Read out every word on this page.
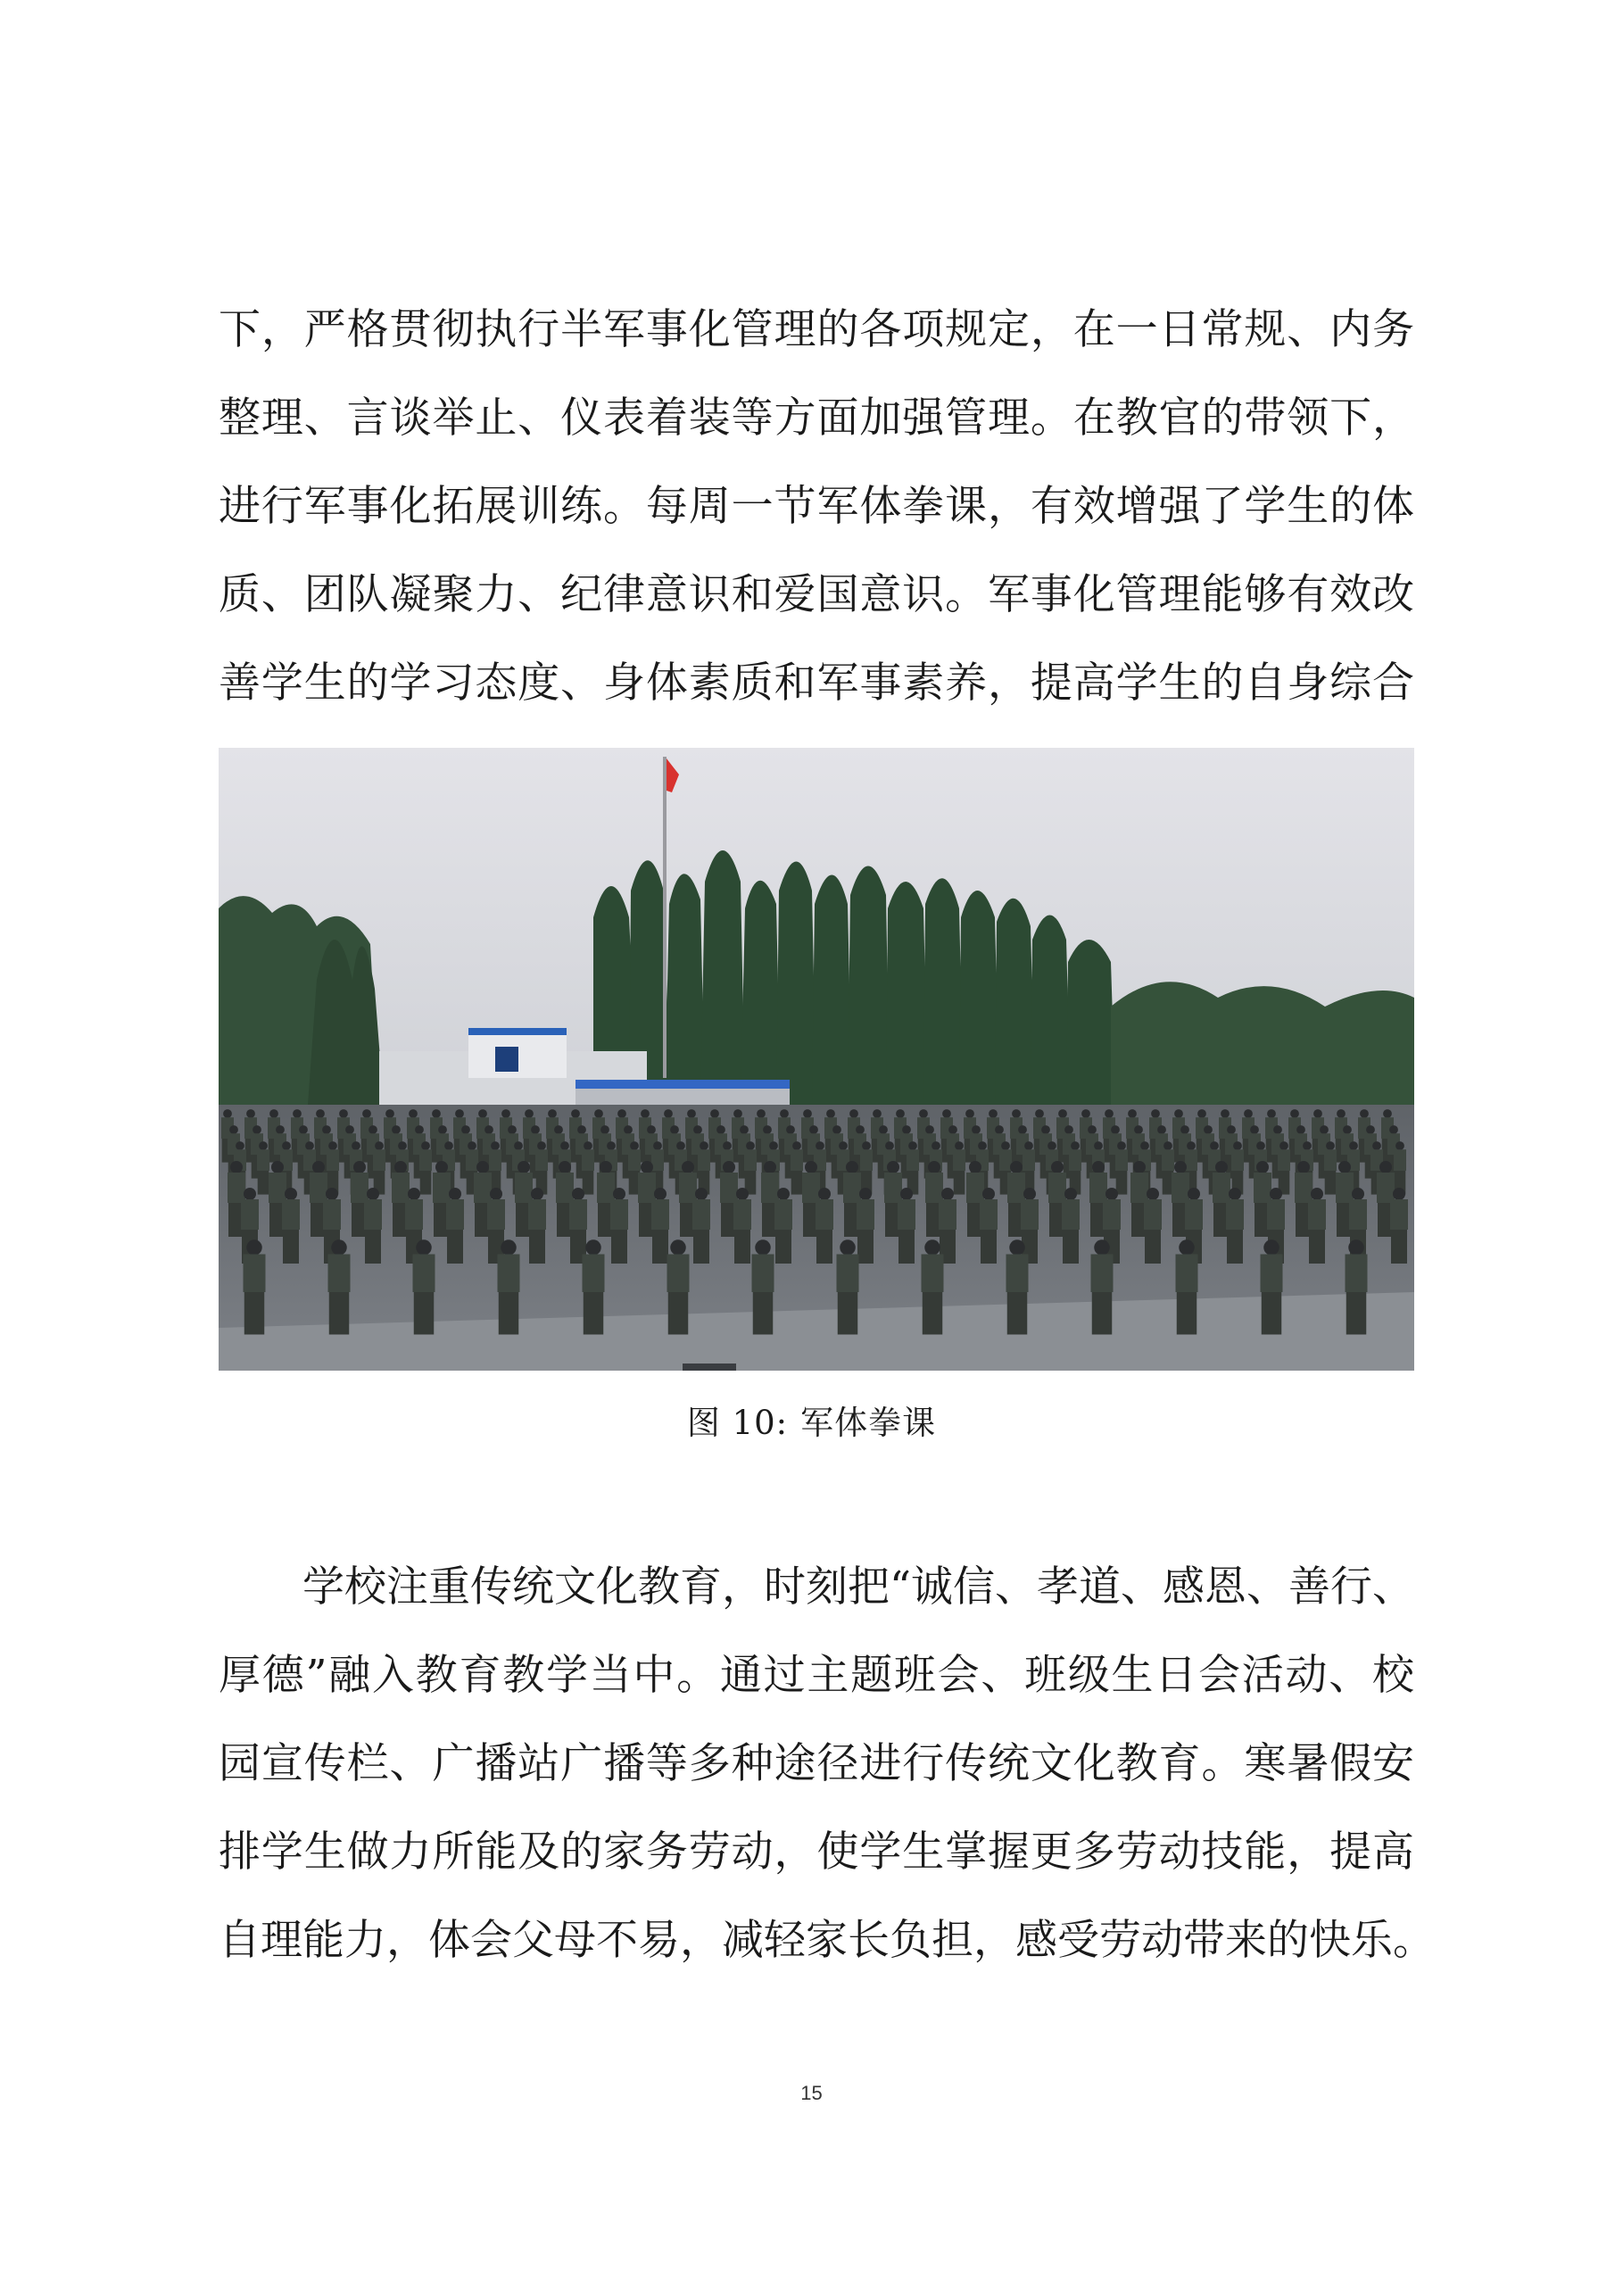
下，严格贯彻执行半军事化管理的各项规定，在一日常规、内务
整理、言谈举止、仪表着装等方面加强管理。在教官的带领下，
进行军事化拓展训练。每周一节军体拳课，有效增强了学生的体
质、团队凝聚力、纪律意识和爱国意识。军事化管理能够有效改
善学生的学习态度、身体素质和军事素养，提高学生的自身综合
图 10: 军体拳课
学校注重传统文化教育，时刻把“诚信、孝道、感恩、善行、
厚德”融入教育教学当中。通过主题班会、班级生日会活动、校
园宣传栏、广播站广播等多种途径进行传统文化教育。寒暑假安
排学生做力所能及的家务劳动，使学生掌握更多劳动技能，提高
自理能力，体会父母不易，减轻家长负担，感受劳动带来的快乐。
15
